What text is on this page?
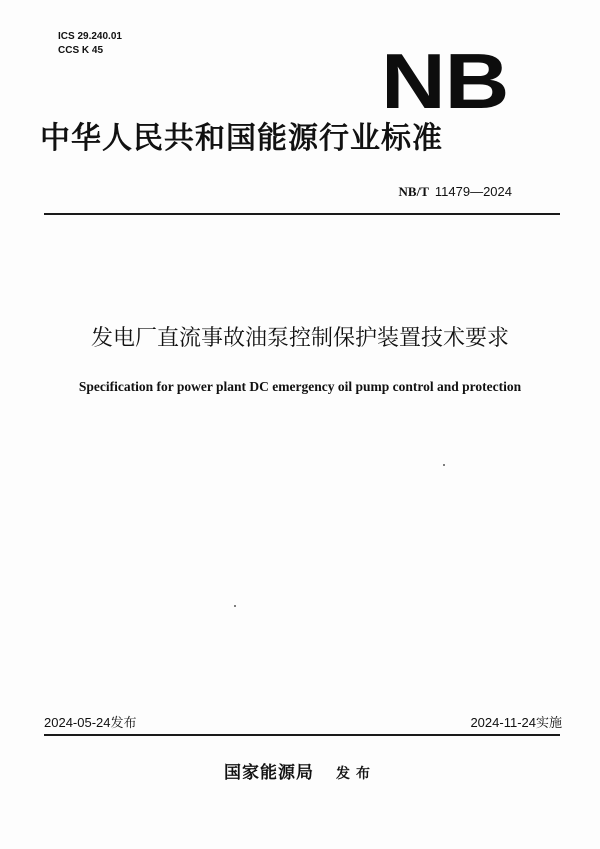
ICS 29.240.01
CCS K 45	NB
中华人民共和国能源行业标准
NB/T 11479—2024
发电厂直流事故油泵控制保护装置技术要求
Specification for power plant DC emergency oil pump control and protection
2024-05-24发布	2024-11-24实施
国家能源局 发布
